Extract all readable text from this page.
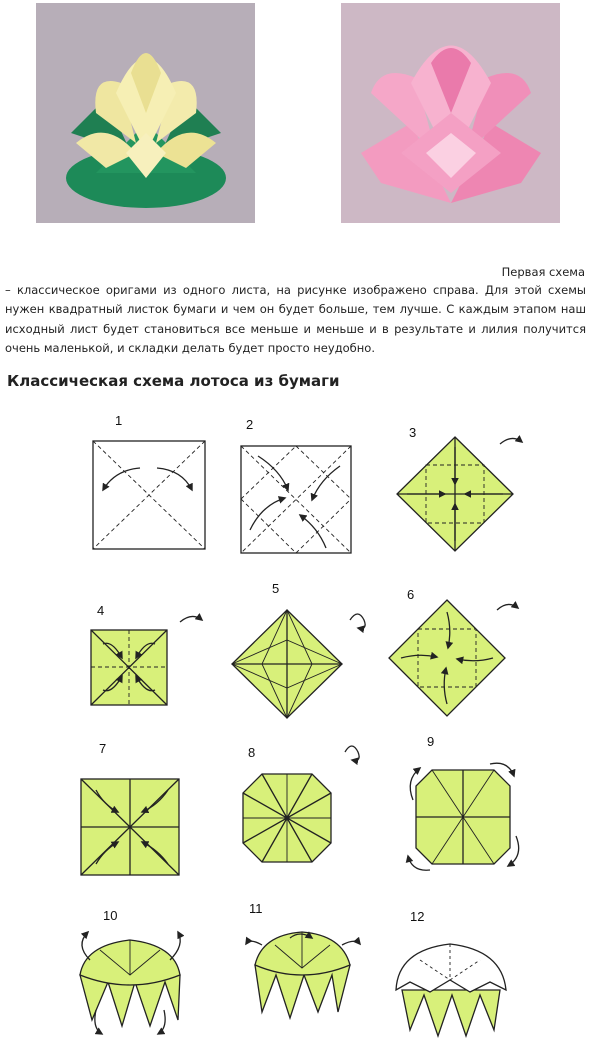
Первая схема
– классическое оригами из одного листа, на рисунке изображено справа. Для этой схемы нужен квадратный листок бумаги и чем он будет больше, тем лучше. С каждым этапом наш исходный лист будет становиться все меньше и меньше и в результате и лилия получится очень маленькой, и складки делать будет просто неудобно.
Классическая схема лотоса из бумаги
1	2
3
4
5	6
7	8
9
10	11
12
